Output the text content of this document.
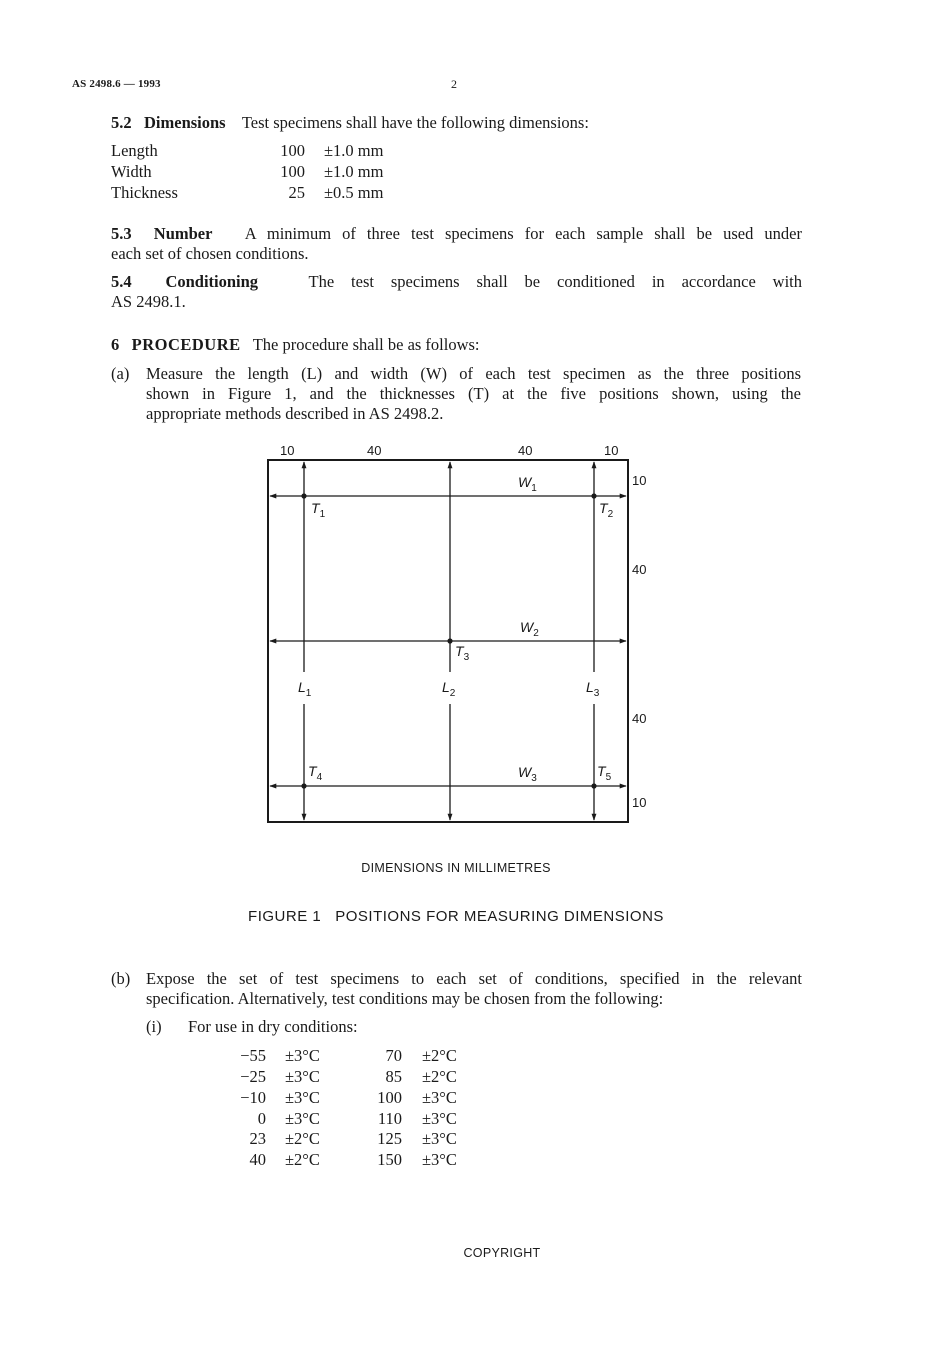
AS 2498.6 — 1993	2
5.2 Dimensions Test specimens shall have the following dimensions:
Length	100 ±1.0 mm
Width	100 ±1.0 mm
Thickness	25 ±0.5 mm
5.3 Number A minimum of three test specimens for each sample shall be used under
each set of chosen conditions.
5.4 Conditioning	The test specimens shall be conditioned in accordance with
AS 2498.1.
6 PROCEDURE The procedure shall be as follows:
(a) Measure the length (L) and width (W) of each test specimen as the three positions
shown in Figure 1, and the thicknesses (T) at the five positions shown, using the
appropriate methods described in AS 2498.2.
10	40	40	10
10
40
40
10
$W_1$
$W_2$
$W_3$
$L_1$	$L_2$	$L_3$
$T_1$	$T_2$
$T_3$
$T_4$	$T_5$
DIMENSIONS IN MILLIMETRES
FIGURE 1   POSITIONS FOR MEASURING DIMENSIONS
(b) Expose the set of test specimens to each set of conditions, specified in the relevant
specification. Alternatively, test conditions may be chosen from the following:
(i) For use in dry conditions:
−55 ±3°C	70 ±2°C
−25 ±3°C	85 ±2°C
−10 ±3°C	100 ±3°C
0 ±3°C	110 ±3°C
23 ±2°C	125 ±3°C
40 ±2°C	150 ±3°C
COPYRIGHT
